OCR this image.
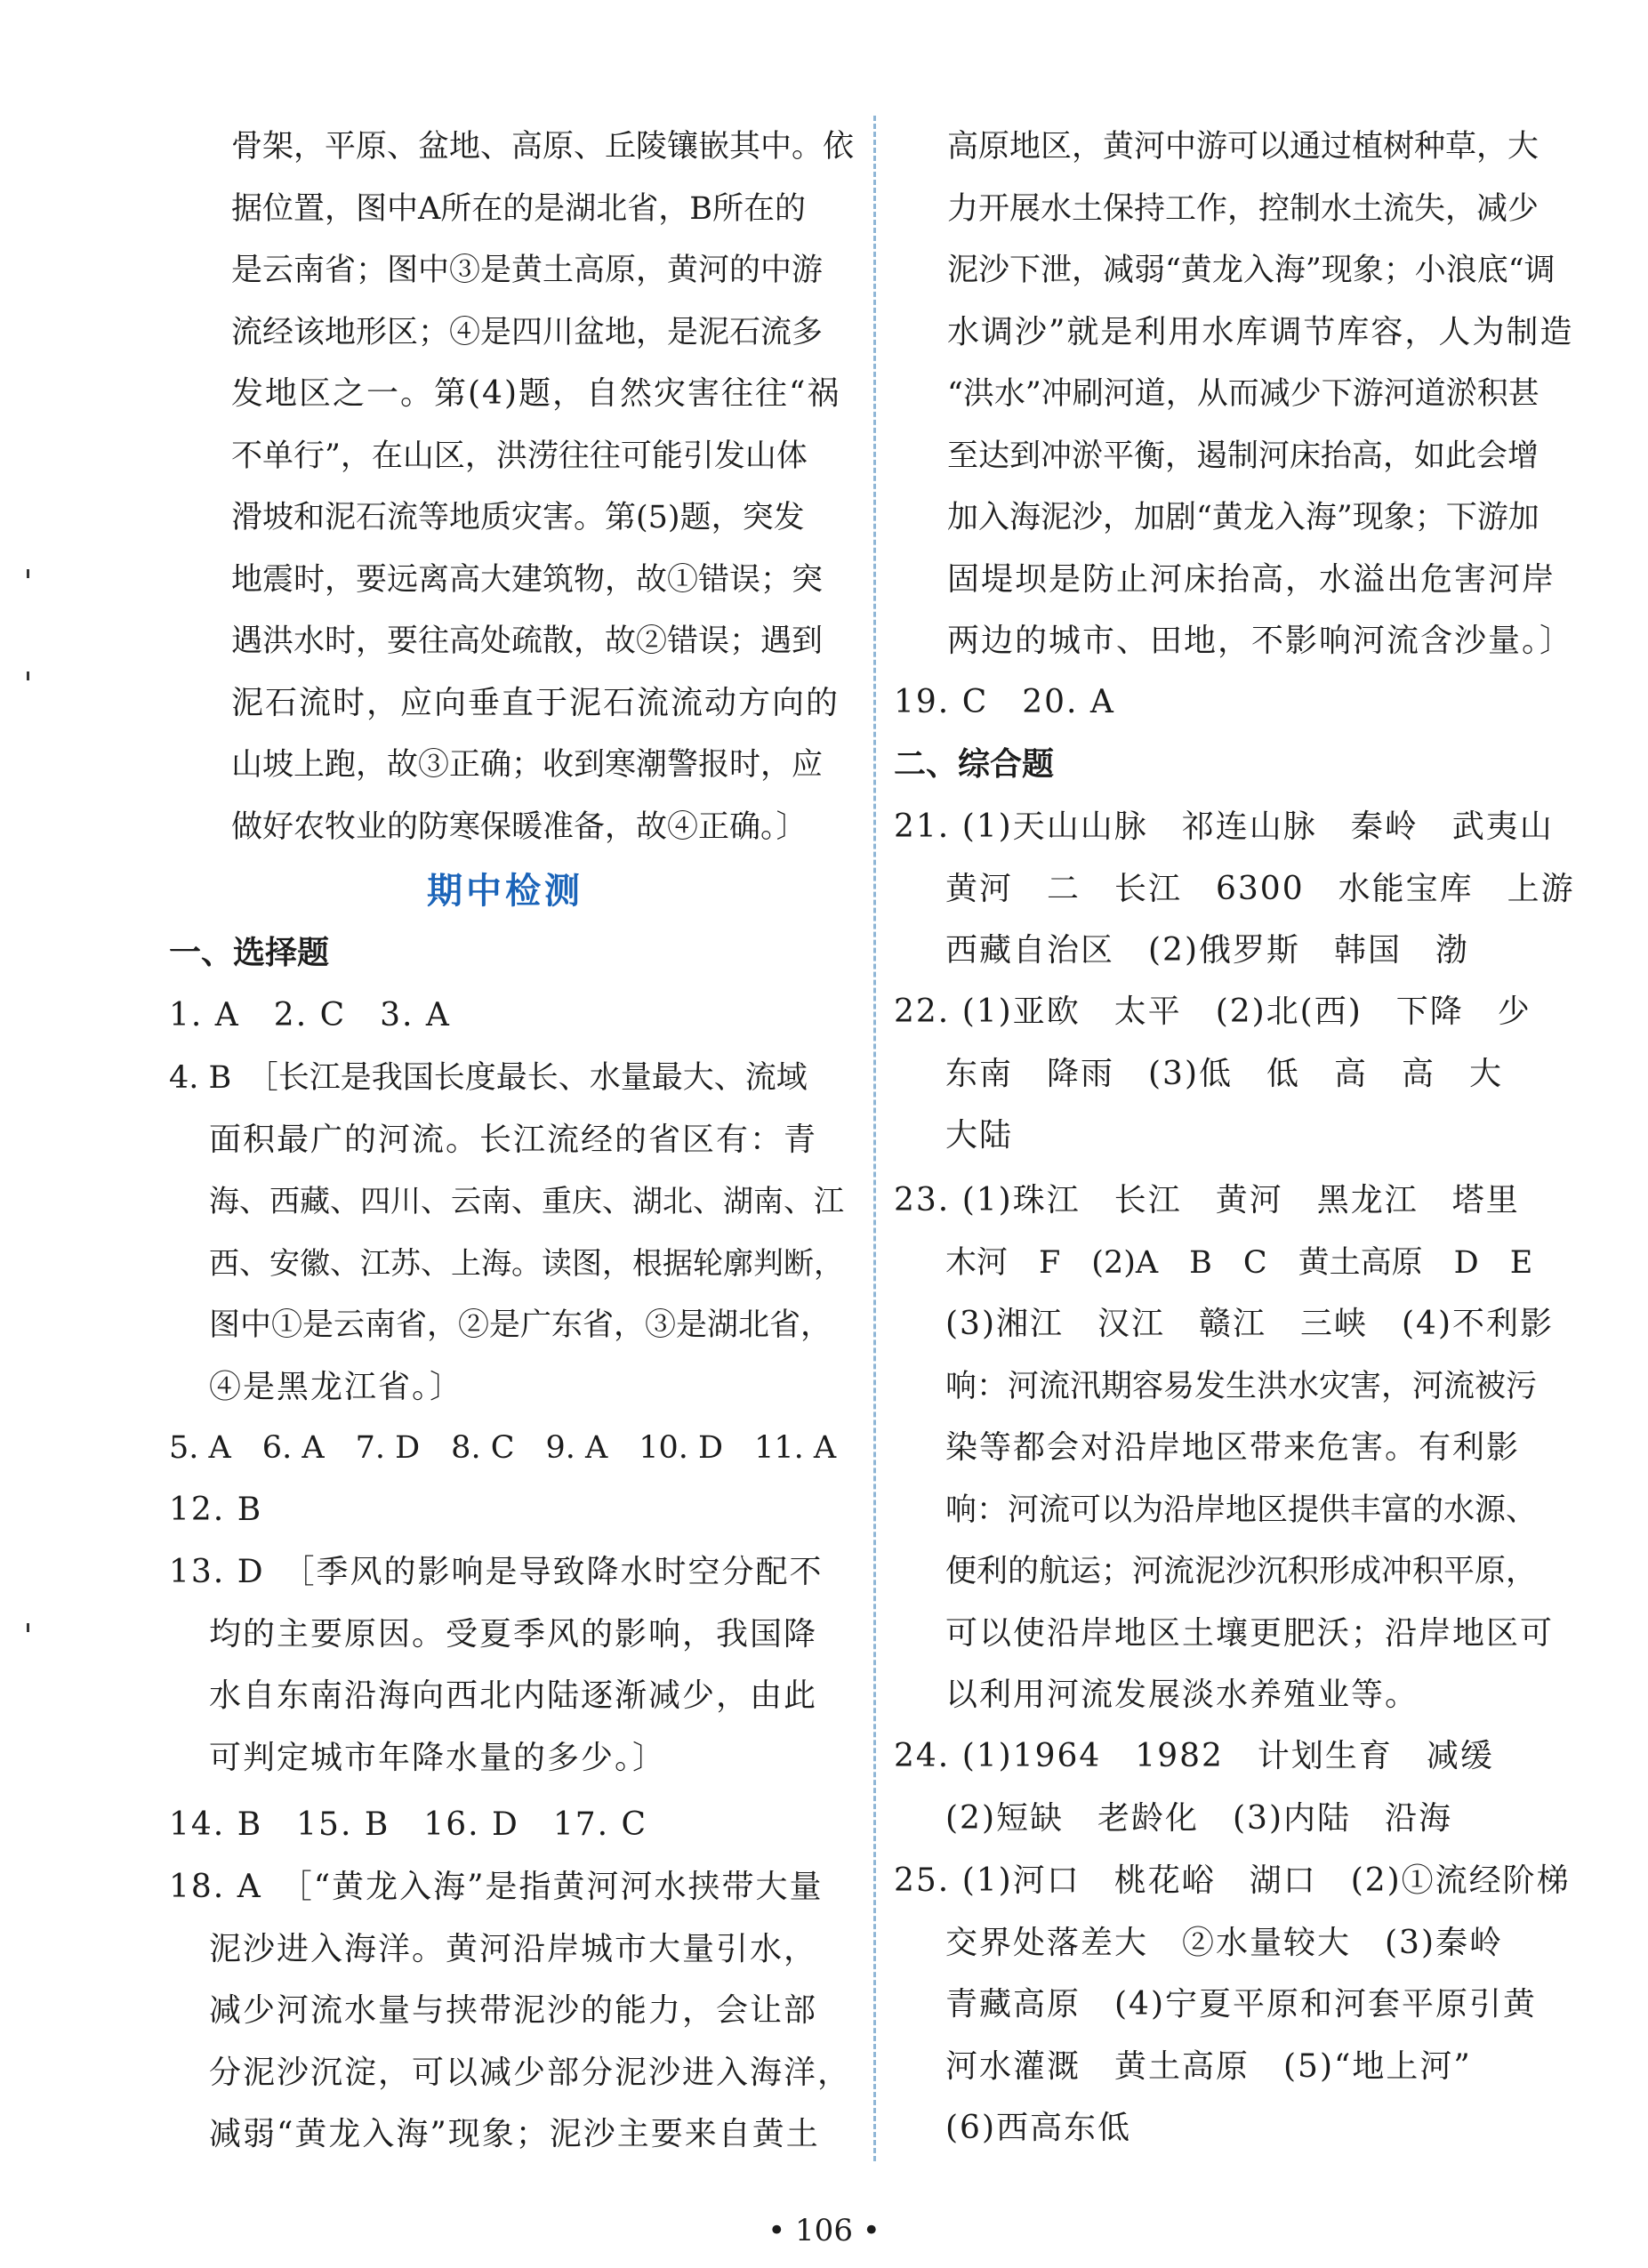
骨架，平原、盆地、高原、丘陵镶嵌其中。依
据位置，图中A所在的是湖北省，B所在的
是云南省；图中③是黄土高原，黄河的中游
流经该地形区；④是四川盆地，是泥石流多
发地区之一。第(4)题，自然灾害往往“祸
不单行”，在山区，洪涝往往可能引发山体
滑坡和泥石流等地质灾害。第(5)题，突发
地震时，要远离高大建筑物，故①错误；突
遇洪水时，要往高处疏散，故②错误；遇到
泥石流时，应向垂直于泥石流流动方向的
山坡上跑，故③正确；收到寒潮警报时，应
做好农牧业的防寒保暖准备，故④正确。〕
期中检测
一、选择题
1. A　2. C　3. A
4. B　［长江是我国长度最长、水量最大、流域
面积最广的河流。长江流经的省区有：青
海、西藏、四川、云南、重庆、湖北、湖南、江
西、安徽、江苏、上海。读图，根据轮廓判断，
图中①是云南省，②是广东省，③是湖北省，
④是黑龙江省。〕
5. A　6. A　7. D　8. C　9. A　10. D　11. A
12. B
13. D　［季风的影响是导致降水时空分配不
均的主要原因。受夏季风的影响，我国降
水自东南沿海向西北内陆逐渐减少，由此
可判定城市年降水量的多少。〕
14. B　15. B　16. D　17. C
18. A　［“黄龙入海”是指黄河河水挟带大量
泥沙进入海洋。黄河沿岸城市大量引水，
减少河流水量与挟带泥沙的能力，会让部
分泥沙沉淀，可以减少部分泥沙进入海洋，
减弱“黄龙入海”现象；泥沙主要来自黄土
高原地区，黄河中游可以通过植树种草，大
力开展水土保持工作，控制水土流失，减少
泥沙下泄，减弱“黄龙入海”现象；小浪底“调
水调沙”就是利用水库调节库容，人为制造
“洪水”冲刷河道，从而减少下游河道淤积甚
至达到冲淤平衡，遏制河床抬高，如此会增
加入海泥沙，加剧“黄龙入海”现象；下游加
固堤坝是防止河床抬高，水溢出危害河岸
两边的城市、田地，不影响河流含沙量。〕
19. C　20. A
二、综合题
21. (1)天山山脉　祁连山脉　秦岭　武夷山
黄河　二　长江　6300　水能宝库　上游
西藏自治区　(2)俄罗斯　韩国　渤
22. (1)亚欧　太平　(2)北(西)　下降　少
东南　降雨　(3)低　低　高　高　大
大陆
23. (1)珠江　长江　黄河　黑龙江　塔里
木河　F　(2)A　B　C　黄土高原　D　E
(3)湘江　汉江　赣江　三峡　(4)不利影
响：河流汛期容易发生洪水灾害，河流被污
染等都会对沿岸地区带来危害。有利影
响：河流可以为沿岸地区提供丰富的水源、
便利的航运；河流泥沙沉积形成冲积平原，
可以使沿岸地区土壤更肥沃；沿岸地区可
以利用河流发展淡水养殖业等。
24. (1)1964　1982　计划生育　减缓
(2)短缺　老龄化　(3)内陆　沿海
25. (1)河口　桃花峪　湖口　(2)①流经阶梯
交界处落差大　②水量较大　(3)秦岭
青藏高原　(4)宁夏平原和河套平原引黄
河水灌溉　黄土高原　(5)“地上河”
(6)西高东低
• 106 •
